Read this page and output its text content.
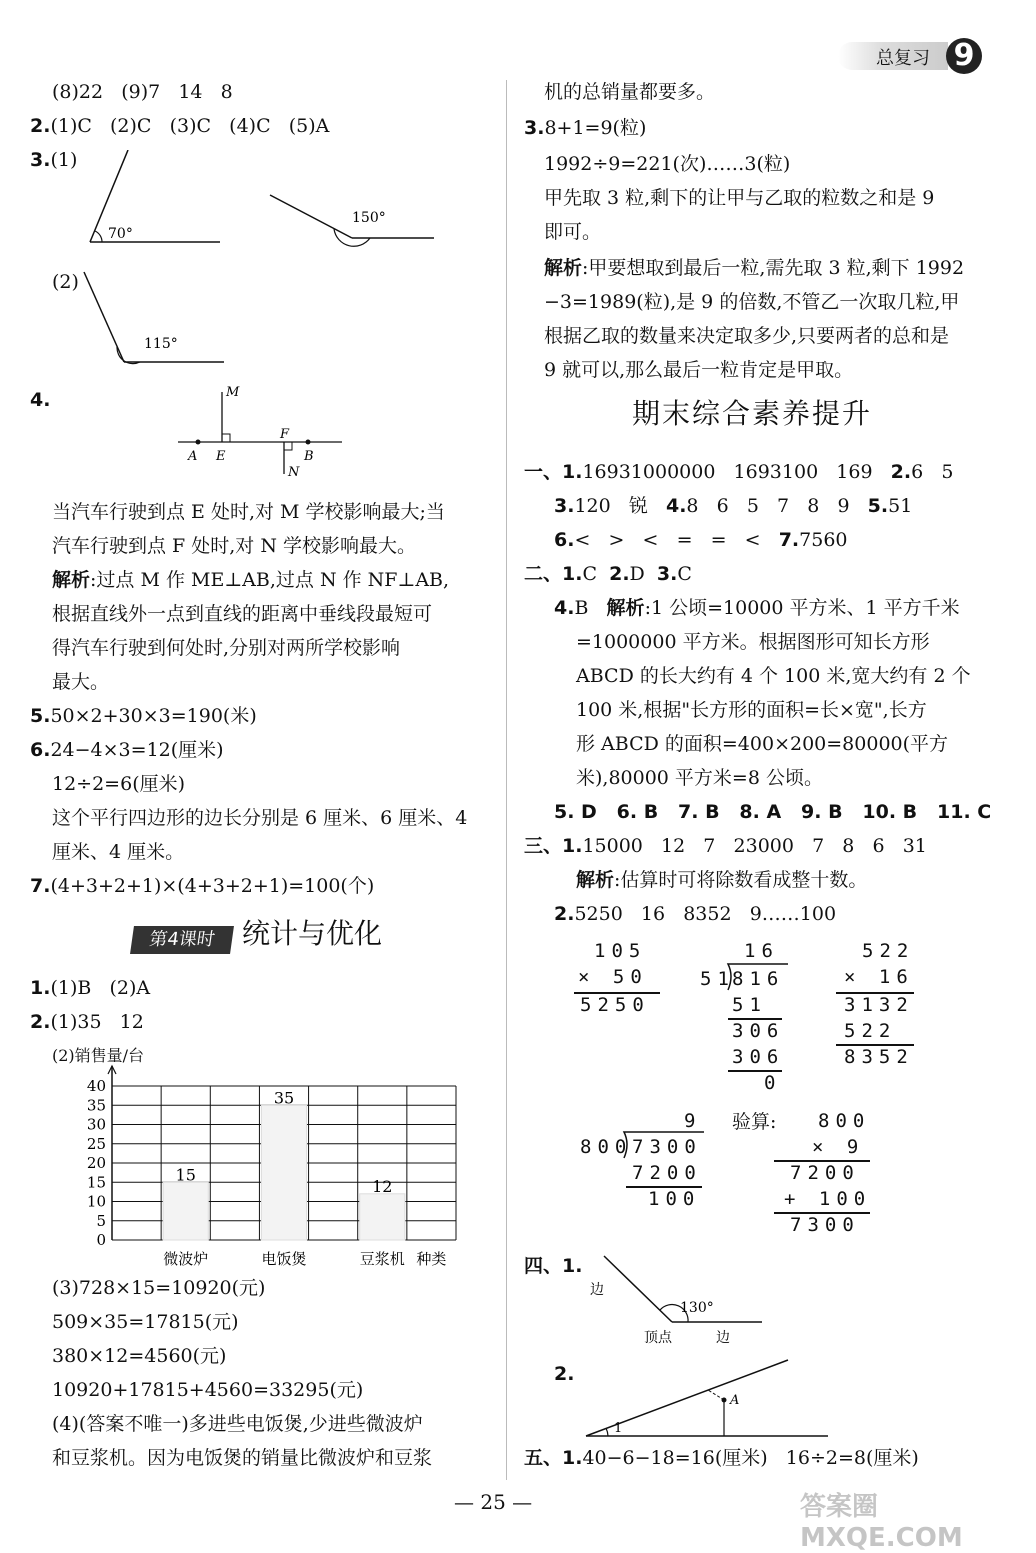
总复习 9
(8)22   (9)7   14   8
2.(1)C   (2)C   (3)C   (4)C   (5)A
3.(1)
70°
150°
(2)
115°
4.	M
A E
F
B
N
当汽车行驶到点 E 处时,对 M 学校影响最大;当
汽车行驶到点 F 处时,对 N 学校影响最大。
解析:过点 M 作 ME⊥AB,过点 N 作 NF⊥AB,
根据直线外一点到直线的距离中垂线段最短可
得汽车行驶到何处时,分别对两所学校影响
最大。
5.50×2+30×3=190(米)
6.24−4×3=12(厘米)
12÷2=6(厘米)
这个平行四边形的边长分别是 6 厘米、6 厘米、4
厘米、4 厘米。
7.(4+3+2+1)×(4+3+2+1)=100(个)
第4课时 统计与优化
1.(1)B   (2)A
2.(1)35   12
(2)销售量/台
0
5
10
15
20
25
30
35
40
15
微波炉
35
电饭煲
12
豆浆机 种类
(3)728×15=10920(元)
509×35=17815(元)
380×12=4560(元)
10920+17815+4560=33295(元)
(4)(答案不唯一)多进些电饭煲,少进些微波炉
和豆浆机。因为电饭煲的销量比微波炉和豆浆
机的总销量都要多。
3.8+1=9(粒)
1992÷9=221(次)……3(粒)
甲先取 3 粒,剩下的让甲与乙取的粒数之和是 9
即可。
解析:甲要想取到最后一粒,需先取 3 粒,剩下 1992
−3=1989(粒),是 9 的倍数,不管乙一次取几粒,甲
根据乙取的数量来决定取多少,只要两者的总和是
9 就可以,那么最后一粒肯定是甲取。
期末综合素养提升
一、1.16931000000   1693100   169 2.6   5
3.120   锐 4.8   6   5   7   8   9 5.51
6.<   >   <   =   =   < 7.7560
二、1.C 2.D 3.C
4.B 解析:1 公顷=10000 平方米、1 平方千米
=1000000 平方米。根据图形可知长方形
ABCD 的长大约有 4 个 100 米,宽大约有 2 个
100 米,根据"长方形的面积=长×宽",长方
形 ABCD 的面积=400×200=80000(平方
米),80000 平方米=8 公顷。
5. D   6. B   7. B   8. A   9. B   10. B   11. C
三、1.15000   12   7   23000   7   8   6   31
解析:估算时可将除数看成整十数。
2.5250   16   8352   9……100
105
× 50
5250
16
51
816
51
306
306
0
522
× 16
3132
522
8352
9
800 7300
7200
100
验算: 800
× 9
7200
+ 100
7300
四、1.
边
130°
顶点	边
2.
A
1
五、1.40−6−18=16(厘米)   16÷2=8(厘米)
— 25 —	答案圈 MXQE.COM
